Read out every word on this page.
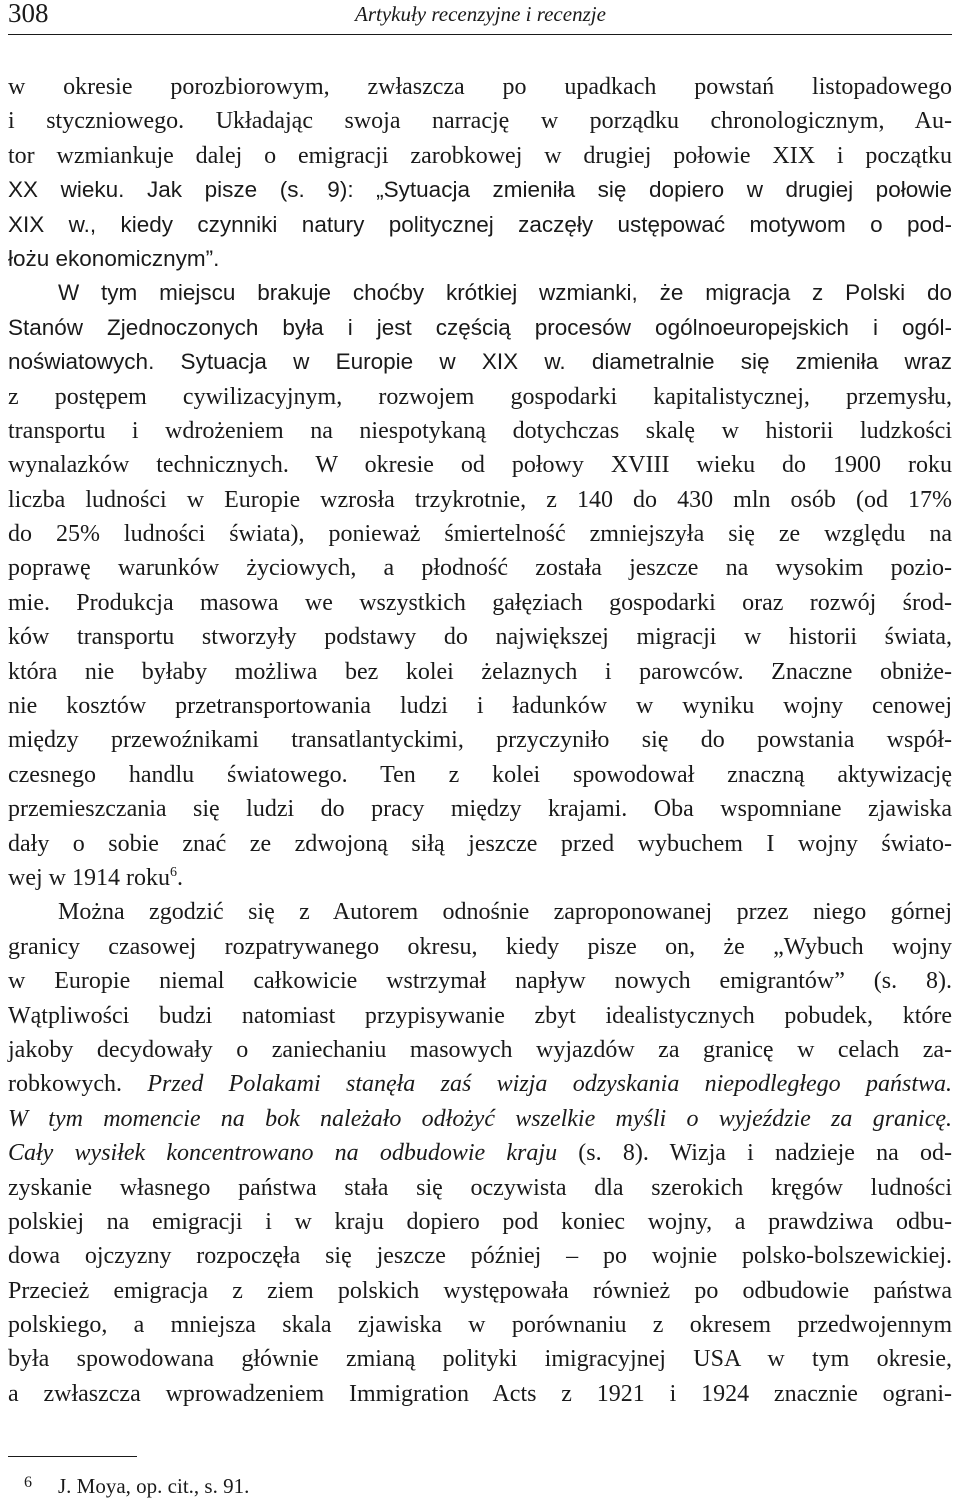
308	Artykuły recenzyjne i recenzje
w okresie porozbiorowym, zwłaszcza po upadkach powstań listopadowego
i styczniowego. Układając swoja narrację w porządku chronologicznym, Au-
tor wzmiankuje dalej o emigracji zarobkowej w drugiej połowie XIX i początku
XX wieku. Jak pisze (s. 9): „Sytuacja zmieniła się dopiero w drugiej połowie
XIX w., kiedy czynniki natury politycznej zaczęły ustępować motywom o pod-
łożu ekonomicznym”.
W tym miejscu brakuje choćby krótkiej wzmianki, że migracja z Polski do
Stanów Zjednoczonych była i jest częścią procesów ogólnoeuropejskich i ogól-
noświatowych. Sytuacja w Europie w XIX w. diametralnie się zmieniła wraz
z postępem cywilizacyjnym, rozwojem gospodarki kapitalistycznej, przemysłu,
transportu i wdrożeniem na niespotykaną dotychczas skalę w historii ludzkości
wynalazków technicznych. W okresie od połowy XVIII wieku do 1900 roku
liczba ludności w Europie wzrosła trzykrotnie, z 140 do 430 mln osób (od 17%
do 25% ludności świata), ponieważ śmiertelność zmniejszyła się ze względu na
poprawę warunków życiowych, a płodność została jeszcze na wysokim pozio-
mie. Produkcja masowa we wszystkich gałęziach gospodarki oraz rozwój środ-
ków transportu stworzyły podstawy do największej migracji w historii świata,
która nie byłaby możliwa bez kolei żelaznych i parowców. Znaczne obniże-
nie kosztów przetransportowania ludzi i ładunków w wyniku wojny cenowej
między przewoźnikami transatlantyckimi, przyczyniło się do powstania współ-
czesnego handlu światowego. Ten z kolei spowodował znaczną aktywizację
przemieszczania się ludzi do pracy między krajami. Oba wspomniane zjawiska
dały o sobie znać ze zdwojoną siłą jeszcze przed wybuchem I wojny świato-
wej w 1914 roku$^6$.
Można zgodzić się z Autorem odnośnie zaproponowanej przez niego górnej
granicy czasowej rozpatrywanego okresu, kiedy pisze on, że „Wybuch wojny
w Europie niemal całkowicie wstrzymał napływ nowych emigrantów” (s. 8).
Wątpliwości budzi natomiast przypisywanie zbyt idealistycznych pobudek, które
jakoby decydowały o zaniechaniu masowych wyjazdów za granicę w celach za-
robkowych. Przed Polakami stanęła zaś wizja odzyskania niepodległego państwa.
W tym momencie na bok należało odłożyć wszelkie myśli o wyjeździe za granicę.
Cały wysiłek koncentrowano na odbudowie kraju (s. 8). Wizja i nadzieje na od-
zyskanie własnego państwa stała się oczywista dla szerokich kręgów ludności
polskiej na emigracji i w kraju dopiero pod koniec wojny, a prawdziwa odbu-
dowa ojczyzny rozpoczęła się jeszcze później – po wojnie polsko-bolszewickiej.
Przecież emigracja z ziem polskich występowała również po odbudowie państwa
polskiego, a mniejsza skala zjawiska w porównaniu z okresem przedwojennym
była spowodowana głównie zmianą polityki imigracyjnej USA w tym okresie,
a zwłaszcza wprowadzeniem Immigration Acts z 1921 i 1924 znacznie ograni-
6 J. Moya, op. cit., s. 91.
